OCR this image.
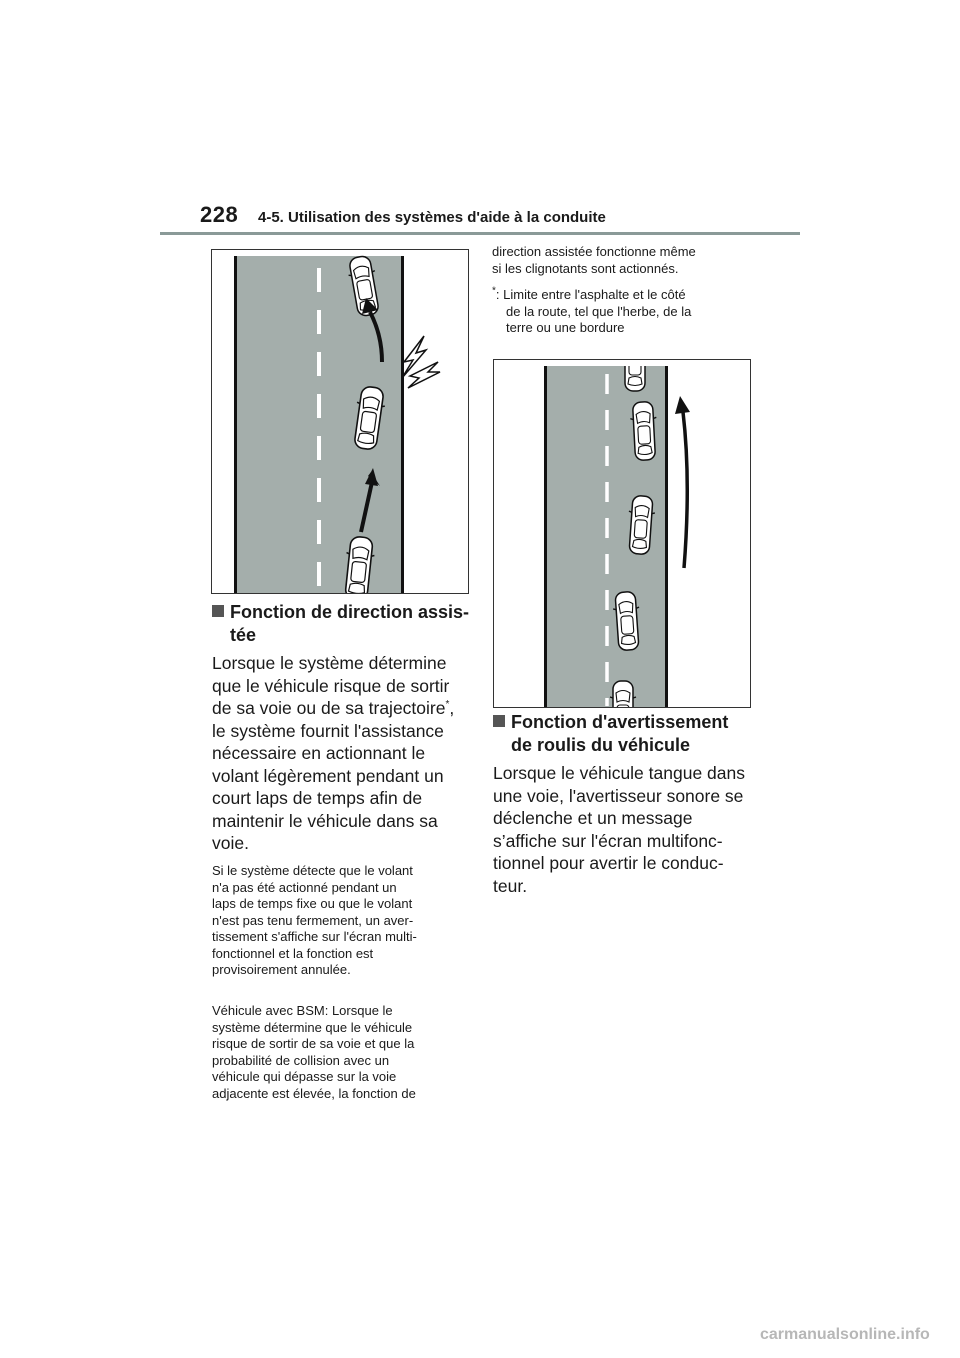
228 4-5. Utilisation des systèmes d'aide à la conduite
Fonction de direction assis-
tée
Lorsque le système détermine
que le véhicule risque de sortir
de sa voie ou de sa trajectoire*,
le système fournit l'assistance
nécessaire en actionnant le
volant légèrement pendant un
court laps de temps afin de
maintenir le véhicule dans sa
voie.
Si le système détecte que le volant
n'a pas été actionné pendant un
laps de temps fixe ou que le volant
n'est pas tenu fermement, un aver-
tissement s'affiche sur l'écran multi-
fonctionnel et la fonction est
provisoirement annulée.
Véhicule avec BSM: Lorsque le
système détermine que le véhicule
risque de sortir de sa voie et que la
probabilité de collision avec un
véhicule qui dépasse sur la voie
adjacente est élevée, la fonction de
direction assistée fonctionne même
si les clignotants sont actionnés.
*: Limite entre l'asphalte et le côté
de la route, tel que l'herbe, de la
terre ou une bordure
Fonction d'avertissement
de roulis du véhicule
Lorsque le véhicule tangue dans
une voie, l'avertisseur sonore se
déclenche et un message
s’affiche sur l'écran multifonc-
tionnel pour avertir le conduc-
teur.
carmanualsonline.info
